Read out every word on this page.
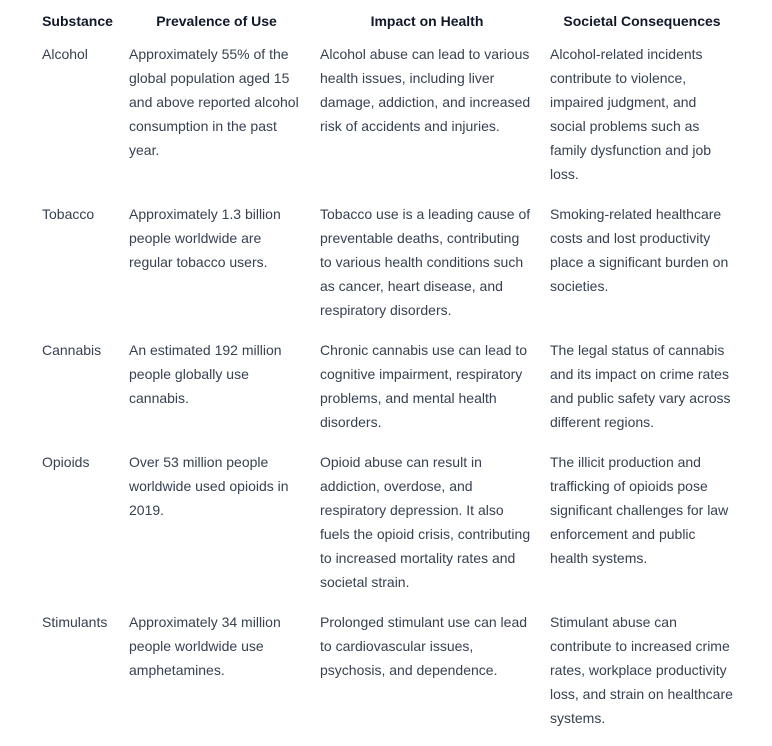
Substance	Prevalence of Use	Impact on Health	Societal Consequences
Alcohol	Approximately 55% of the global population aged 15 and above reported alcohol consumption in the past year.	Alcohol abuse can lead to various health issues, including liver damage, addiction, and increased risk of accidents and injuries.	Alcohol-related incidents contribute to violence, impaired judgment, and social problems such as family dysfunction and job loss.
Tobacco	Approximately 1.3 billion people worldwide are regular tobacco users.	Tobacco use is a leading cause of preventable deaths, contributing to various health conditions such as cancer, heart disease, and respiratory disorders.	Smoking-related healthcare costs and lost productivity place a significant burden on societies.
Cannabis	An estimated 192 million people globally use cannabis.	Chronic cannabis use can lead to cognitive impairment, respiratory problems, and mental health disorders.	The legal status of cannabis and its impact on crime rates and public safety vary across different regions.
Opioids	Over 53 million people worldwide used opioids in 2019.	Opioid abuse can result in addiction, overdose, and respiratory depression. It also fuels the opioid crisis, contributing to increased mortality rates and societal strain.	The illicit production and trafficking of opioids pose significant challenges for law enforcement and public health systems.
Stimulants	Approximately 34 million people worldwide use amphetamines.	Prolonged stimulant use can lead to cardiovascular issues, psychosis, and dependence.	Stimulant abuse can contribute to increased crime rates, workplace productivity loss, and strain on healthcare systems.
